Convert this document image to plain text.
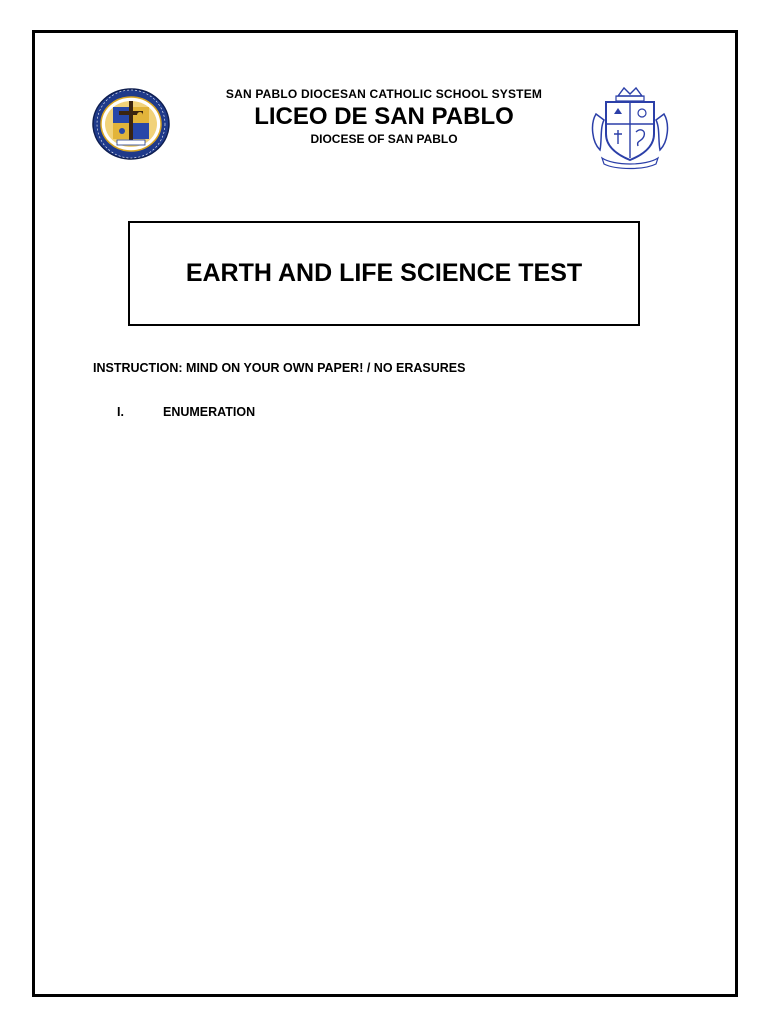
SAN PABLO DIOCESAN CATHOLIC SCHOOL SYSTEM
LICEO DE SAN PABLO
DIOCESE OF SAN PABLO
EARTH AND LIFE SCIENCE TEST
INSTRUCTION: MIND ON YOUR OWN PAPER! / NO ERASURES
I.	ENUMERATION
